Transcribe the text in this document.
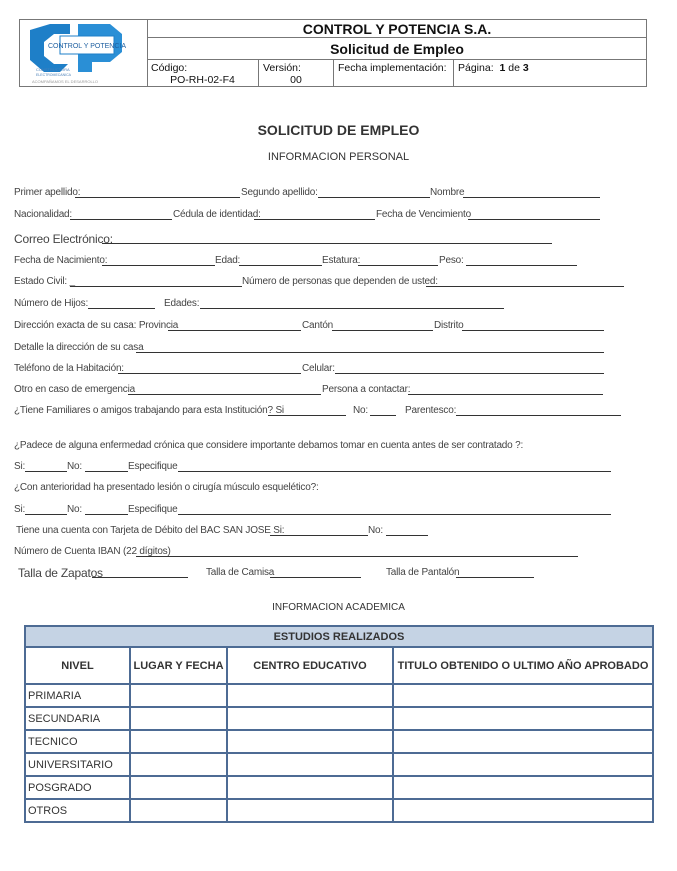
CONTROL Y POTENCIA
CONSTRUCTORA
ELECTROMECANICA
ACOMPAÑAMOS EL DESARROLLO
CONTROL Y POTENCIA S.A.
Solicitud de Empleo
Código:
PO-RH-02-F4
Versión:
00
Fecha implementación:	Página: 1 de 3
SOLICITUD DE EMPLEO
INFORMACION PERSONAL
Primer apellido:	Segundo apellido:	Nombre
Nacionalidad:	Cédula de identidad:	Fecha de Vencimiento
Correo Electrónico:
Fecha de Nacimiento:	Edad:	Estatura:	Peso:
Estado Civil: _	Número de personas que dependen de usted:
Número de Hijos:	Edades:
Dirección exacta de su casa: Provincia	Cantón	Distrito
Detalle la dirección de su casa
Teléfono de la Habitación:	Celular:
Otro en caso de emergencia	Persona a contactar:
¿Tiene Familiares o amigos trabajando para esta Institución? Si	No:	Parentesco:
¿Padece de alguna enfermedad crónica que considere importante debamos tomar en cuenta antes de ser contratado ?:
Si:	No:	Especifique
¿Con anterioridad ha presentado lesión o cirugía músculo esquelético?:
Si:	No:	Especifique
Tiene una cuenta con Tarjeta de Débito del BAC SAN JOSE Si:	No:
Número de Cuenta IBAN (22 dígitos)
Talla de Zapatos	Talla de Camisa	Talla de Pantalón
INFORMACION ACADEMICA
ESTUDIOS REALIZADOS			
NIVEL	LUGAR Y FECHA	CENTRO EDUCATIVO	TITULO OBTENIDO O ULTIMO AÑO APROBADO
PRIMARIA			
SECUNDARIA			
TECNICO			
UNIVERSITARIO			
POSGRADO			
OTROS			
